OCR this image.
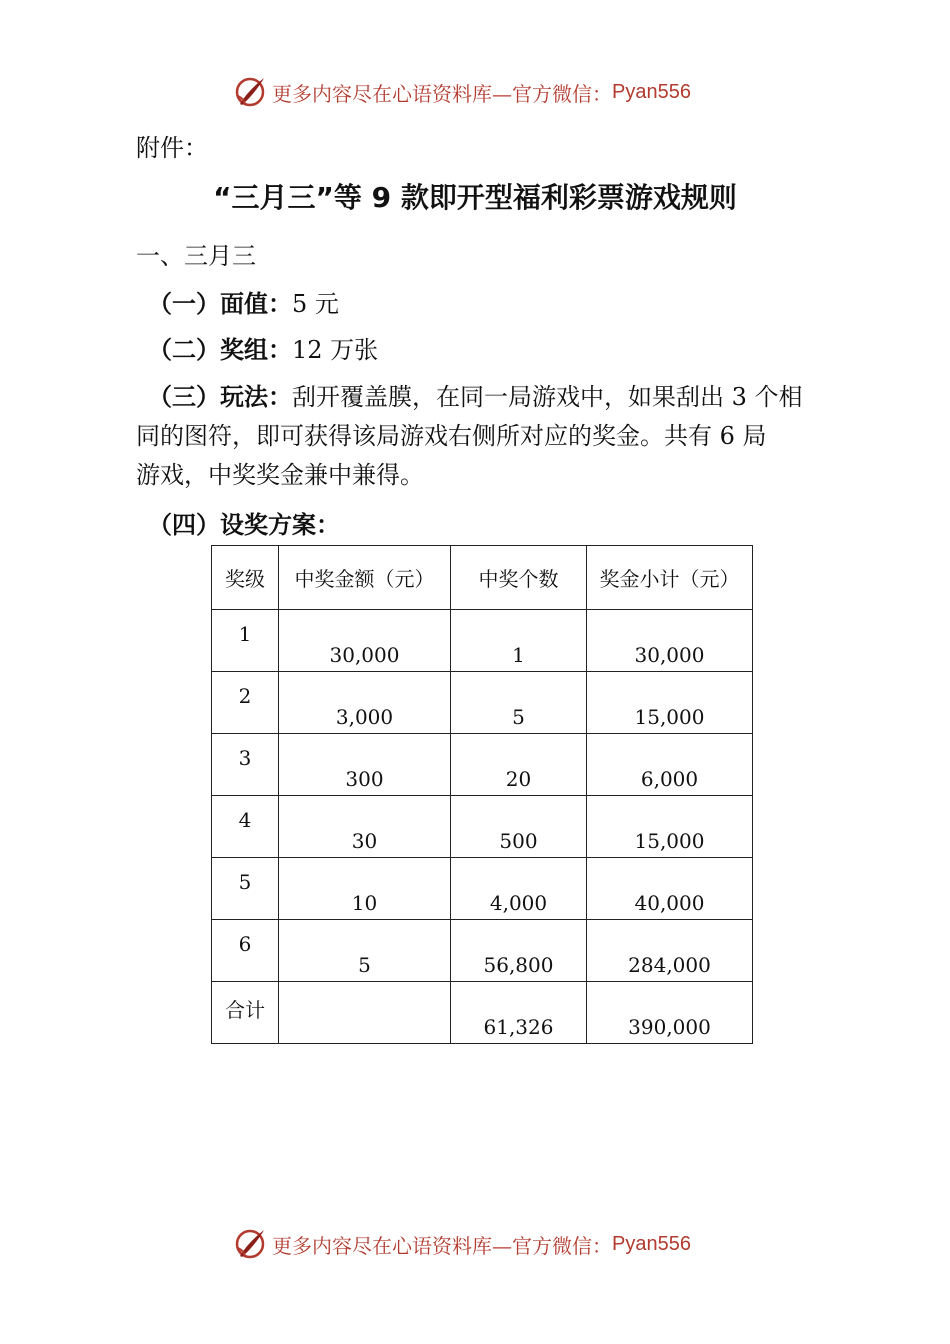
更多内容尽在心语资料库—官方微信： Pyan556
附件：
“三月三”等 9 款即开型福利彩票游戏规则
一、三月三
（一）面值：5 元
（二）奖组：12 万张
（三）玩法：刮开覆盖膜，在同一局游戏中，如果刮出 3 个相
同的图符，即可获得该局游戏右侧所对应的奖金。共有 6 局
游戏，中奖奖金兼中兼得。
（四）设奖方案：
奖级	中奖金额（元）	中奖个数	奖金小计（元）
1	30,000	1	30,000
2	3,000	5	15,000
3	300	20	6,000
4	30	500	15,000
5	10	4,000	40,000
6	5	56,800	284,000
合计		61,326	390,000
更多内容尽在心语资料库—官方微信： Pyan556
